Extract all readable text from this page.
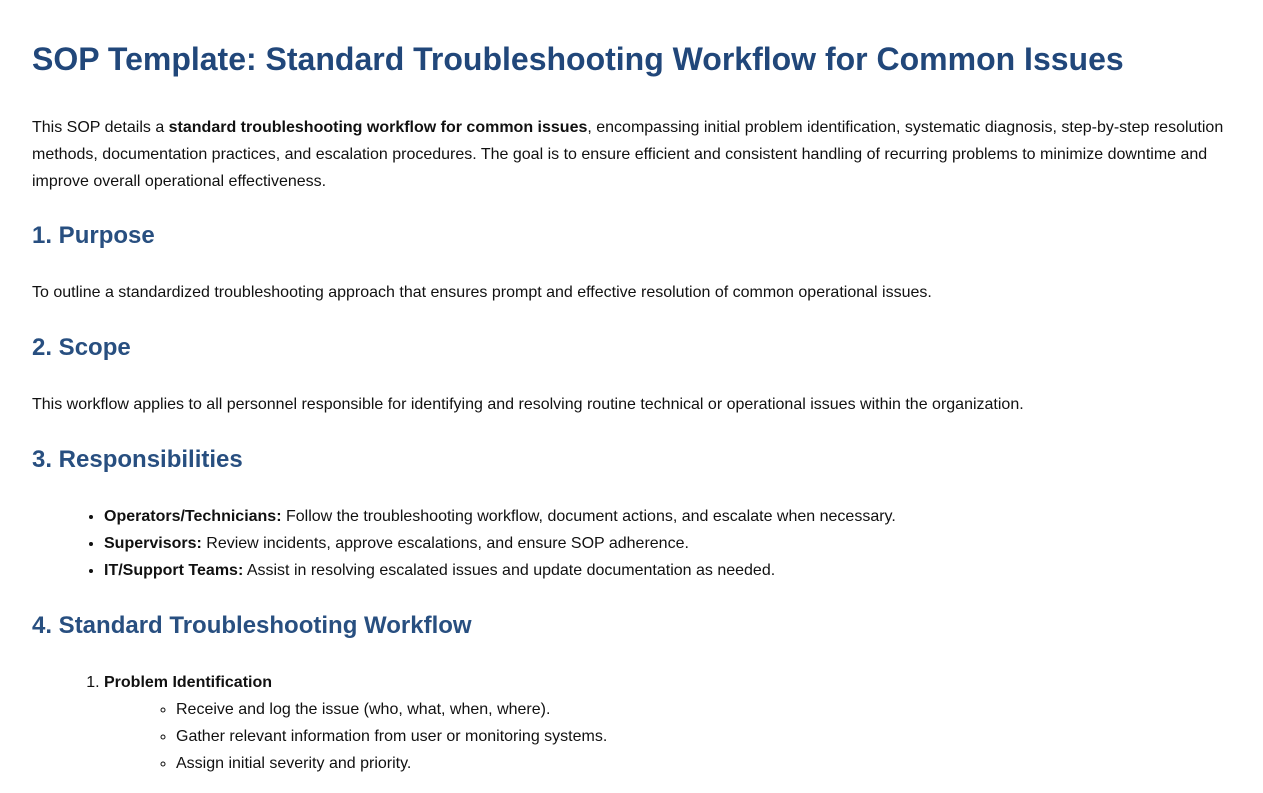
SOP Template: Standard Troubleshooting Workflow for Common Issues

This SOP details a standard troubleshooting workflow for common issues, encompassing initial problem identification, systematic diagnosis, step-by-step resolution methods, documentation practices, and escalation procedures. The goal is to ensure efficient and consistent handling of recurring problems to minimize downtime and improve overall operational effectiveness.

1. Purpose

To outline a standardized troubleshooting approach that ensures prompt and effective resolution of common operational issues.

2. Scope

This workflow applies to all personnel responsible for identifying and resolving routine technical or operational issues within the organization.

3. Responsibilities
• Operators/Technicians: Follow the troubleshooting workflow, document actions, and escalate when necessary.
• Supervisors: Review incidents, approve escalations, and ensure SOP adherence.
• IT/Support Teams: Assist in resolving escalated issues and update documentation as needed.
4. Standard Troubleshooting Workflow
1. Problem Identification
◦ Receive and log the issue (who, what, when, where).
◦ Gather relevant information from user or monitoring systems.
◦ Assign initial severity and priority.
